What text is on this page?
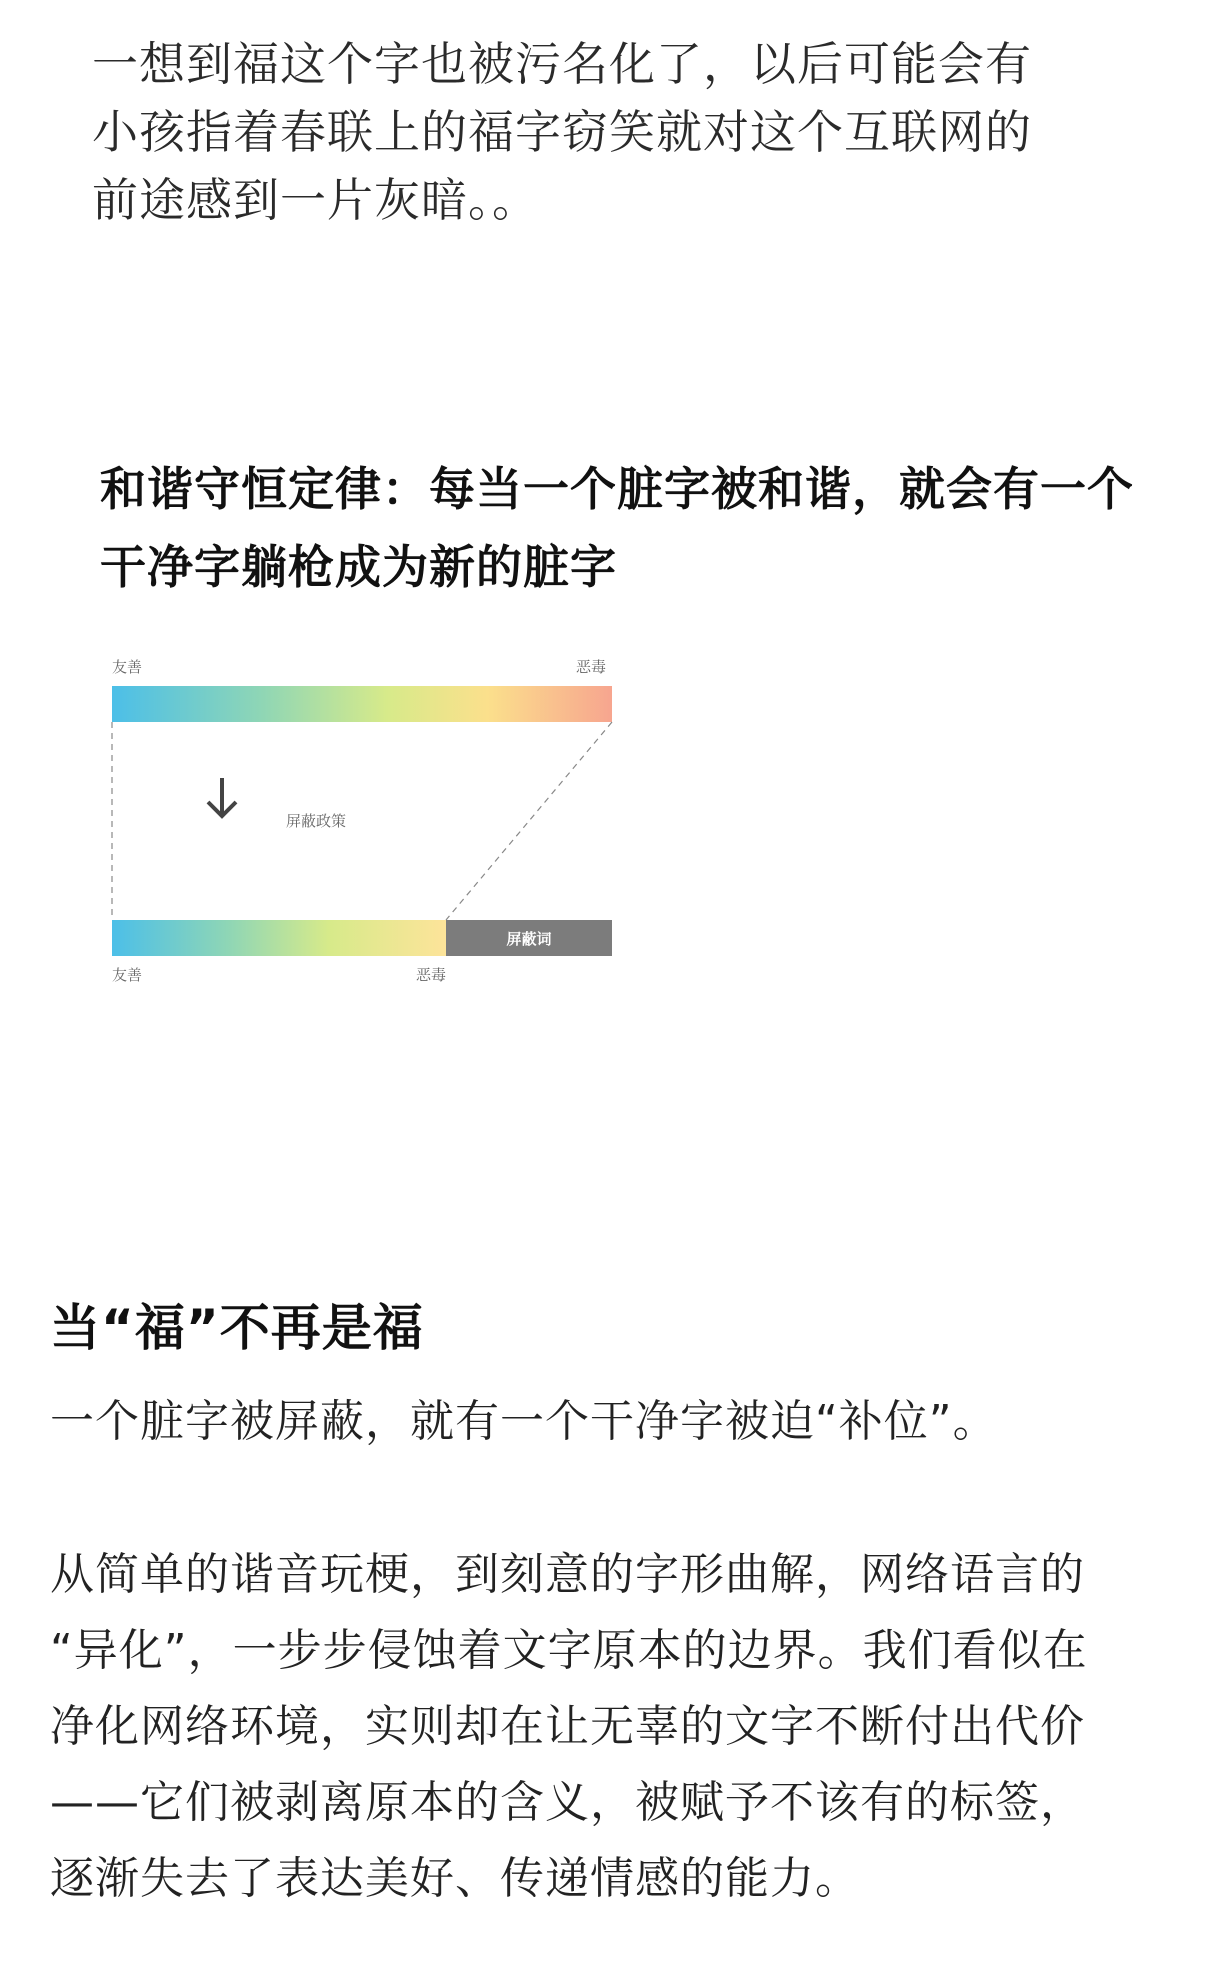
一想到福这个字也被污名化了，以后可能会有
小孩指着春联上的福字窃笑就对这个互联网的
前途感到一片灰暗。。
和谐守恒定律：每当一个脏字被和谐，就会有一个
干净字躺枪成为新的脏字
友善	恶毒
屏蔽政策
屏蔽词
友善	恶毒
当“福”不再是福
一个脏字被屏蔽，就有一个干净字被迫“补位”。
从简单的谐音玩梗，到刻意的字形曲解，网络语言的
“异化”，一步步侵蚀着文字原本的边界。我们看似在
净化网络环境，实则却在让无辜的文字不断付出代价
——它们被剥离原本的含义，被赋予不该有的标签，
逐渐失去了表达美好、传递情感的能力。
